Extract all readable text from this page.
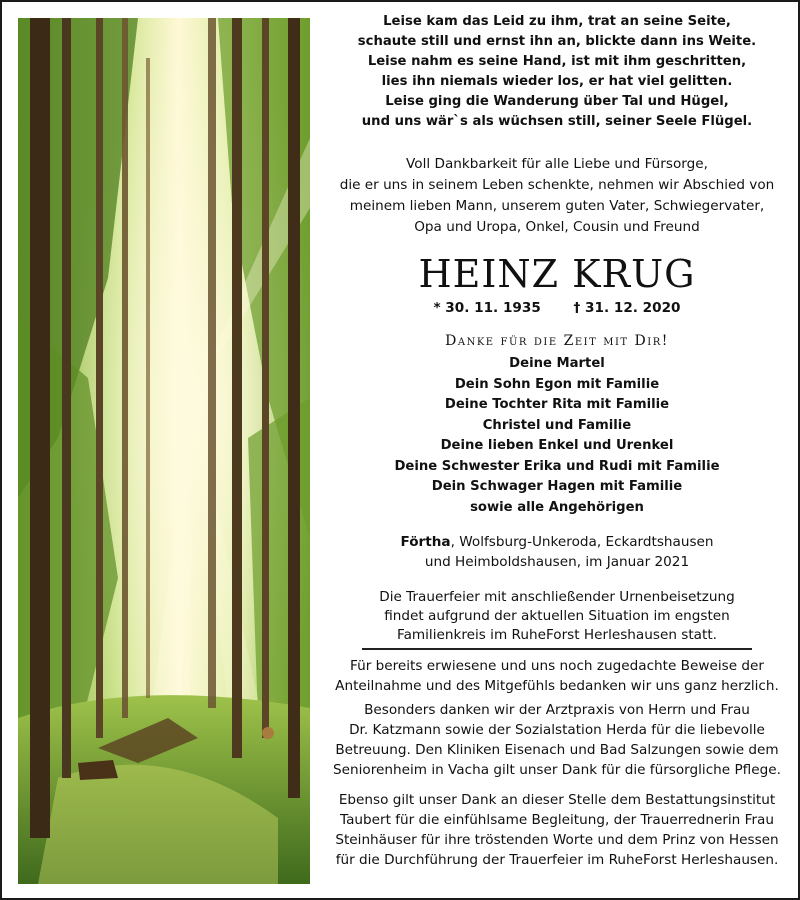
Leise kam das Leid zu ihm, trat an seine Seite,
schaute still und ernst ihn an, blickte dann ins Weite.
Leise nahm es seine Hand, ist mit ihm geschritten,
lies ihn niemals wieder los, er hat viel gelitten.
Leise ging die Wanderung über Tal und Hügel,
und uns wär`s als wüchsen still, seiner Seele Flügel.
Voll Dankbarkeit für alle Liebe und Fürsorge,
die er uns in seinem Leben schenkte, nehmen wir Abschied von
meinem lieben Mann, unserem guten Vater, Schwiegervater,
Opa und Uropa, Onkel, Cousin und Freund
HEINZ KRUG
* 30. 11. 1935 † 31. 12. 2020
Danke für die Zeit mit Dir!
Deine Martel
Dein Sohn Egon mit Familie
Deine Tochter Rita mit Familie
Christel und Familie
Deine lieben Enkel und Urenkel
Deine Schwester Erika und Rudi mit Familie
Dein Schwager Hagen mit Familie
sowie alle Angehörigen
Förtha, Wolfsburg-Unkeroda, Eckardtshausen
und Heimboldshausen, im Januar 2021
Die Trauerfeier mit anschließender Urnenbeisetzung
findet aufgrund der aktuellen Situation im engsten
Familienkreis im RuheForst Herleshausen statt.
Für bereits erwiesene und uns noch zugedachte Beweise der
Anteilnahme und des Mitgefühls bedanken wir uns ganz herzlich.
Besonders danken wir der Arztpraxis von Herrn und Frau
Dr. Katzmann sowie der Sozialstation Herda für die liebevolle
Betreuung. Den Kliniken Eisenach und Bad Salzungen sowie dem
Seniorenheim in Vacha gilt unser Dank für die fürsorgliche Pflege.
Ebenso gilt unser Dank an dieser Stelle dem Bestattungsinstitut
Taubert für die einfühlsame Begleitung, der Trauerrednerin Frau
Steinhäuser für ihre tröstenden Worte und dem Prinz von Hessen
für die Durchführung der Trauerfeier im RuheForst Herleshausen.
